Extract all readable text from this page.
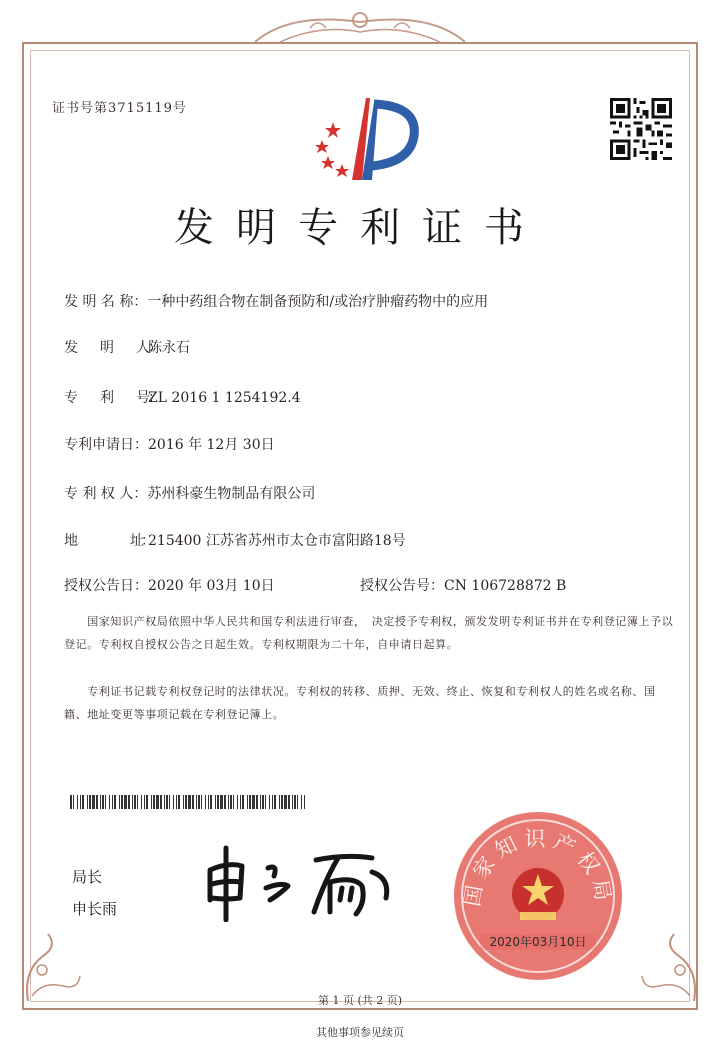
证书号第3715119号
发明专利证书
发 明 名 称：一种中药组合物在制备预防和/或治疗肿瘤药物中的应用
发　　明　　人：陈永石
专　　利　　号：ZL 2016 1 1254192.4
专利申请日：2016 年 12月 30日
专 利 权 人：苏州科豪生物制品有限公司
地　　　　　址：215400 江苏省苏州市太仓市富阳路18号
授权公告日：2020 年 03月 10日	授权公告号：CN 106728872 B
　　国家知识产权局依照中华人民共和国专利法进行审查，　决定授予专利权，颁发发明专利证书并在专利登记簿上予以登记。专利权自授权公告之日起生效。专利权期限为二十年，自申请日起算。
　　专利证书记载专利权登记时的法律状况。专利权的转移、质押、无效、终止、恢复和专利权人的姓名或名称、国籍、地址变更等事项记载在专利登记簿上。
局长
申长雨
国家知识产权局
2020年03月10日
第 1 页 (共 2 页)
其他事项参见续页
